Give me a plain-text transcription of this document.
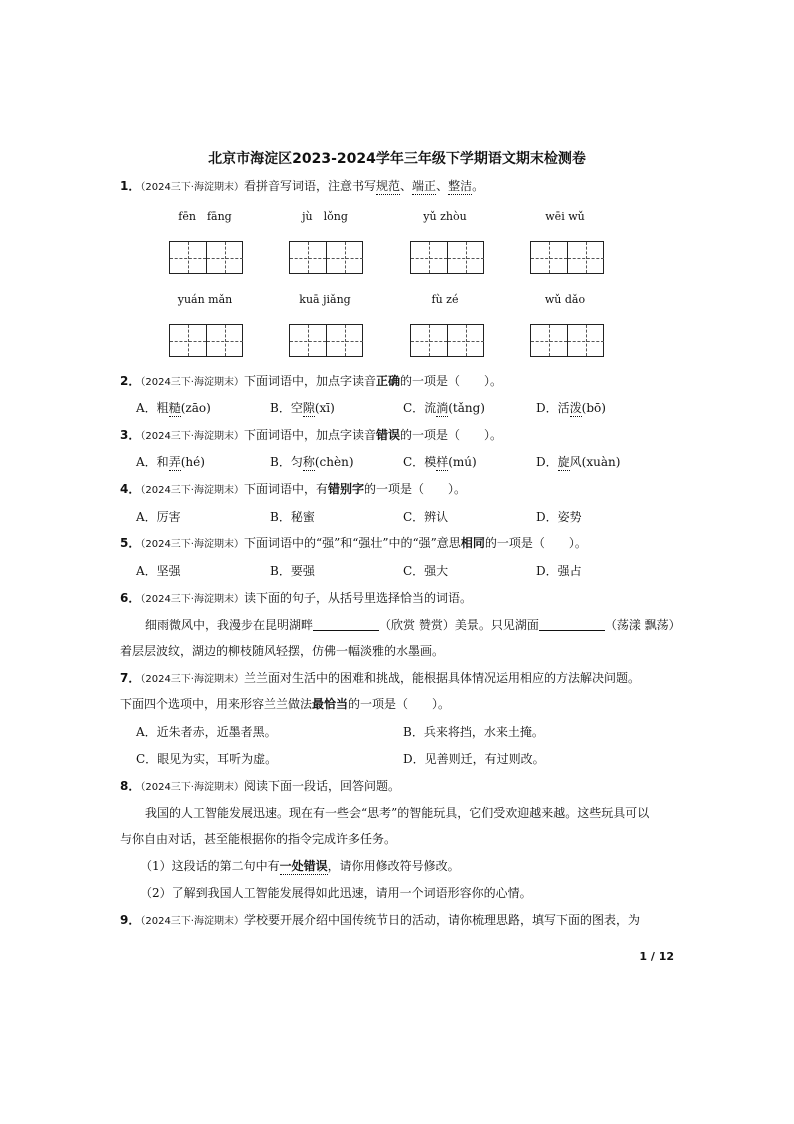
北京市海淀区2023-2024学年三年级下学期语文期末检测卷
1．（2024三下·海淀期末）看拼音写词语，注意书写规范、端正、整洁。
fēn　fāng	jù　lǒng	yǔ zhòu	wēi wǔ
yuán mǎn	kuā jiǎng	fù zé	wǔ dǎo
2．（2024三下·海淀期末）下面词语中，加点字读音正确的一项是（　　）。
A．粗糙(zāo)	B．空隙(xī)	C．流淌(tǎng)	D．活泼(bō)
3．（2024三下·海淀期末）下面词语中，加点字读音错误的一项是（　　）。
A．和弄(hé)	B．匀称(chèn)	C．模样(mú)	D．旋风(xuàn)
4．（2024三下·海淀期末）下面词语中，有错别字的一项是（　　）。
A．厉害	B．秘蜜	C．辨认	D．姿势
5．（2024三下·海淀期末）下面词语中的“强”和“强壮”中的“强”意思相同的一项是（　　）。
A．坚强	B．要强	C．强大	D．强占
6．（2024三下·海淀期末）读下面的句子，从括号里选择恰当的词语。
细雨微风中，我漫步在昆明湖畔	（欣赏 赞赏）美景。只见湖面	（荡漾 飘荡）
着层层波纹，湖边的柳枝随风轻摆，仿佛一幅淡雅的水墨画。
7．（2024三下·海淀期末）兰兰面对生活中的困难和挑战，能根据具体情况运用相应的方法解决问题。
下面四个选项中，用来形容兰兰做法最恰当的一项是（　　）。
A．近朱者赤，近墨者黑。	B．兵来将挡，水来土掩。
C．眼见为实，耳听为虚。	D．见善则迁，有过则改。
8．（2024三下·海淀期末）阅读下面一段话，回答问题。
我国的人工智能发展迅速。现在有一些会“思考”的智能玩具，它们受欢迎越来越。这些玩具可以
与你自由对话，甚至能根据你的指令完成许多任务。
（1）这段话的第二句中有一处错误，请你用修改符号修改。
（2）了解到我国人工智能发展得如此迅速，请用一个词语形容你的心情。
9．（2024三下·海淀期末）学校要开展介绍中国传统节日的活动，请你梳理思路，填写下面的图表，为
1 / 12
